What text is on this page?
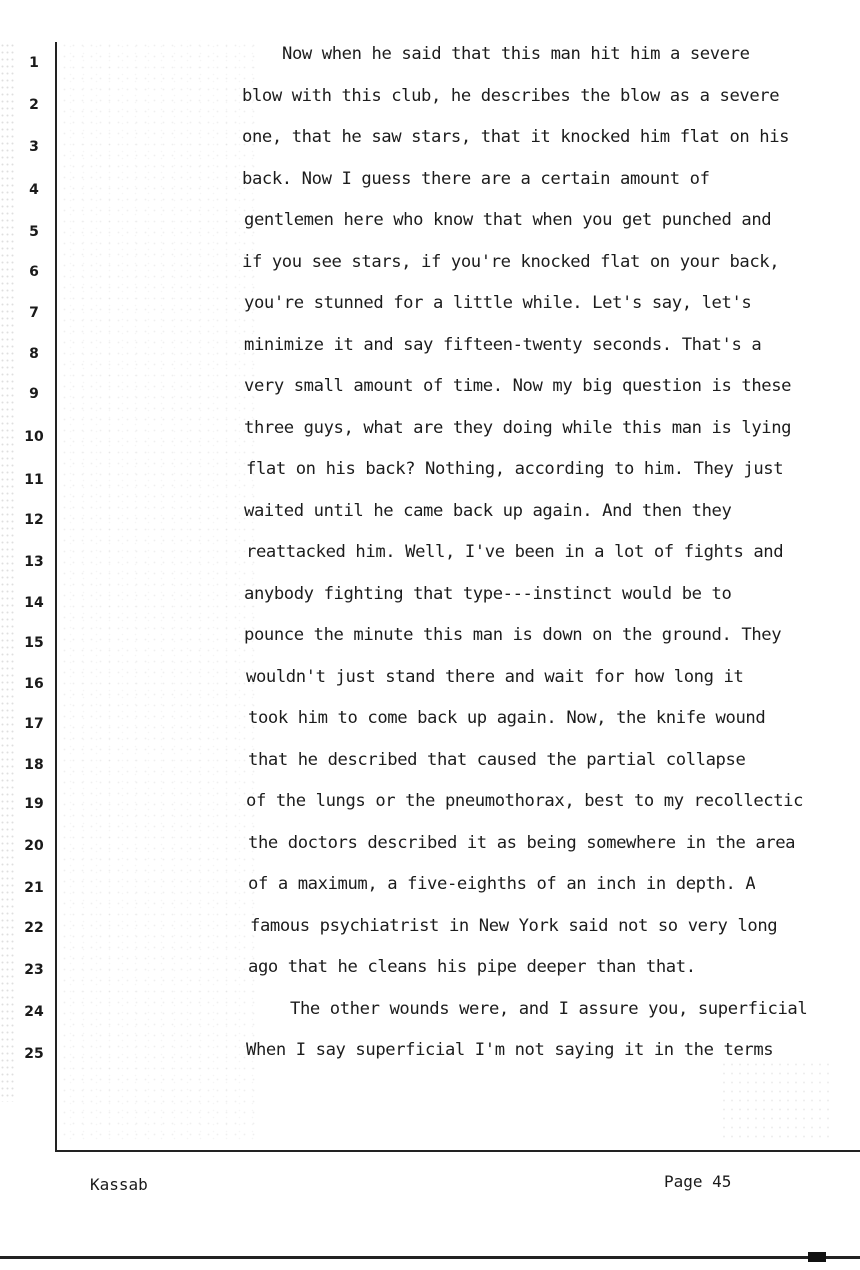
1
2
3
4
5
6
7
8
9
10
11
12
13
14
15
16
17
18
19
20
21
22
23
24
25
Now when he said that this man hit him a severe
blow with this club, he describes the blow as a severe
one, that he saw stars, that it knocked him flat on his
back. Now I guess there are a certain amount of
gentlemen here who know that when you get punched and
if you see stars, if you're knocked flat on your back,
you're stunned for a little while. Let's say, let's
minimize it and say fifteen-twenty seconds. That's a
very small amount of time. Now my big question is these
three guys, what are they doing while this man is lying
flat on his back? Nothing, according to him. They just
waited until he came back up again. And then they
reattacked him. Well, I've been in a lot of fights and
anybody fighting that type---instinct would be to
pounce the minute this man is down on the ground. They
wouldn't just stand there and wait for how long it
took him to come back up again. Now, the knife wound
that he described that caused the partial collapse
of the lungs or the pneumothorax, best to my recollectic
the doctors described it as being somewhere in the area
of a maximum, a five-eighths of an inch in depth. A
famous psychiatrist in New York said not so very long
ago that he cleans his pipe deeper than that.
The other wounds were, and I assure you, superficial
When I say superficial I'm not saying it in the terms
Kassab	Page 45
